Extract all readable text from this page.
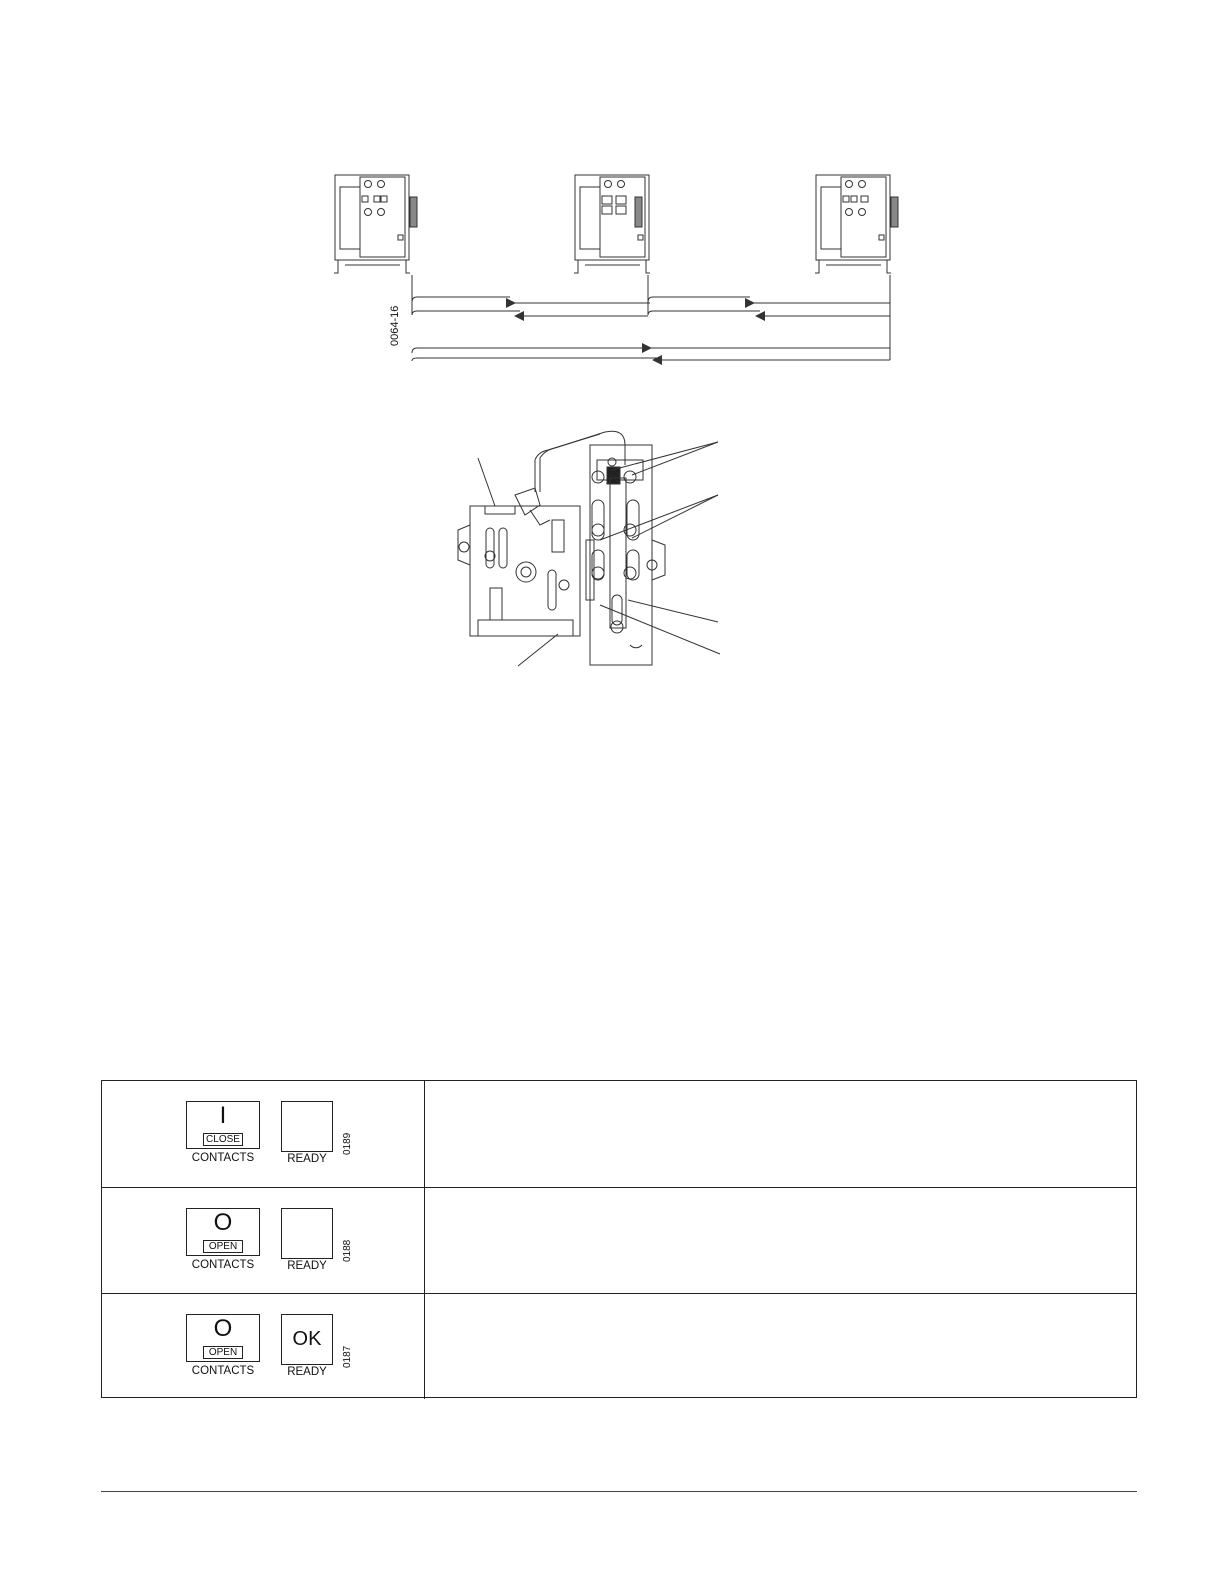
0064-16
I
CLOSE
CONTACTS	READY
0189
O
OPEN
CONTACTS	READY
0188
O
OPEN
CONTACTS
OK
READY
0187
